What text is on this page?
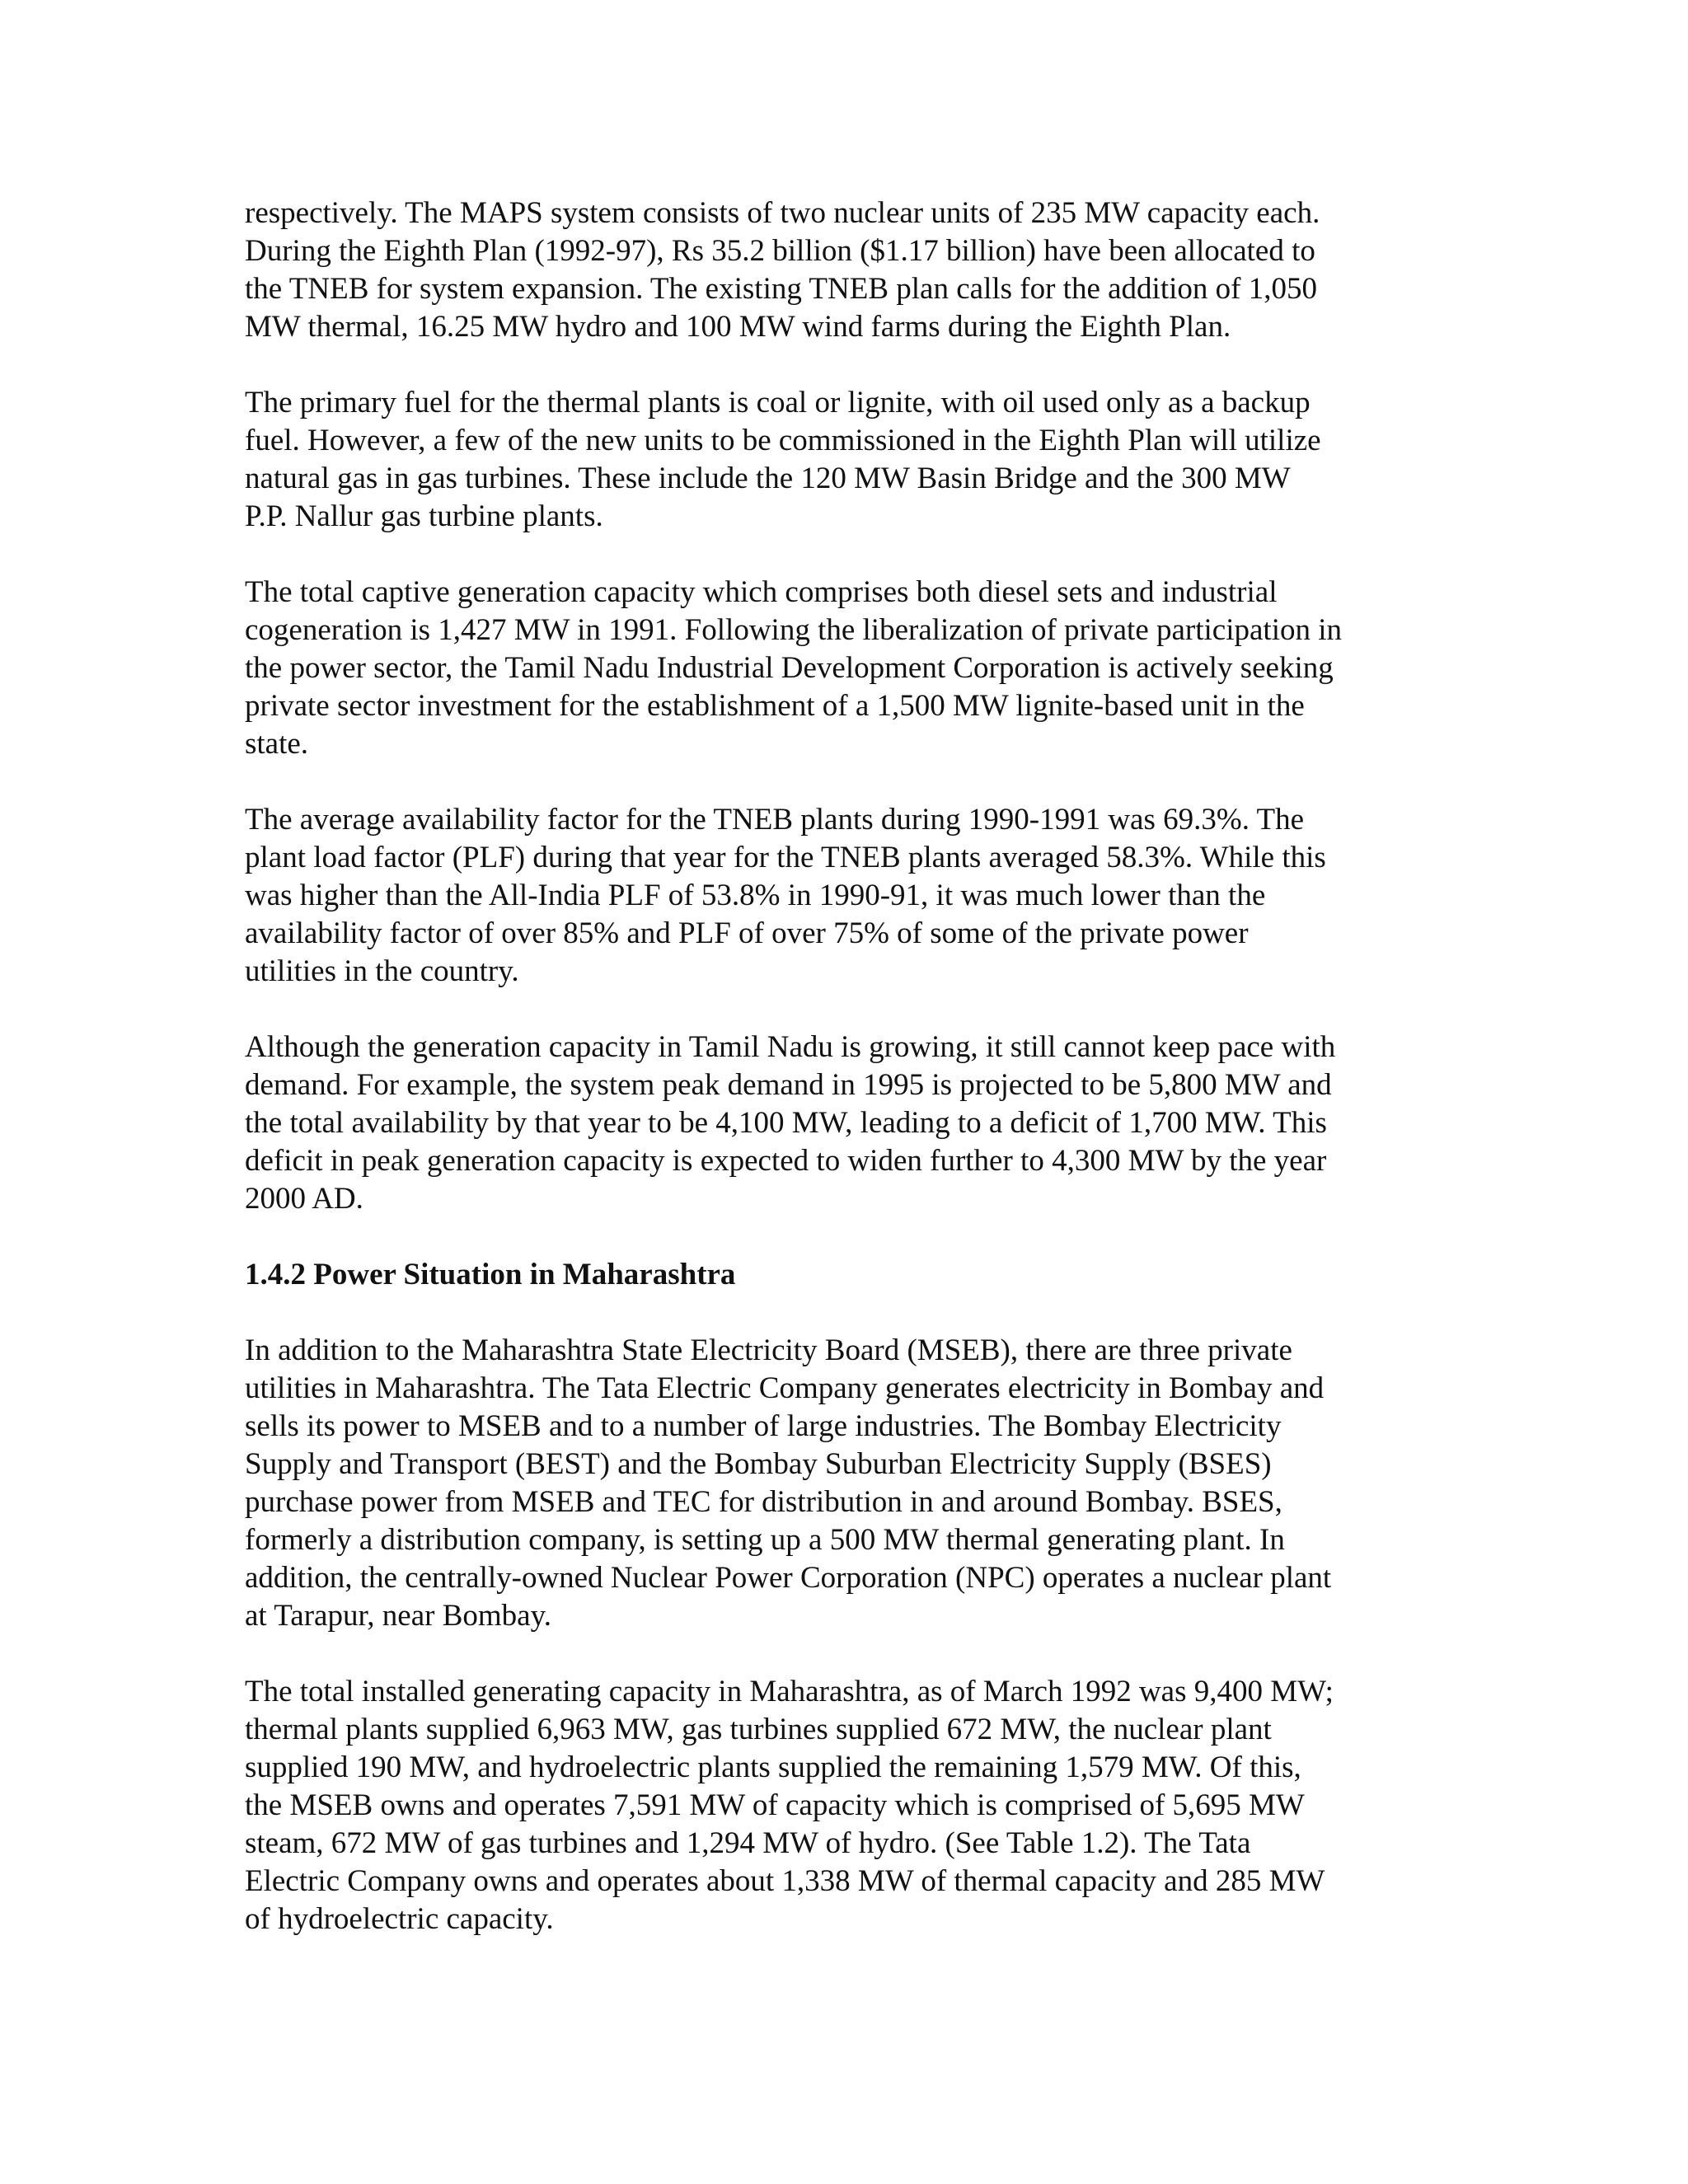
respectively. The MAPS system consists of two nuclear units of 235 MW capacity each.
During the Eighth Plan (1992-97), Rs 35.2 billion ($1.17 billion) have been allocated to
the TNEB for system expansion. The existing TNEB plan calls for the addition of 1,050
MW thermal, 16.25 MW hydro and 100 MW wind farms during the Eighth Plan.

The primary fuel for the thermal plants is coal or lignite, with oil used only as a backup
fuel. However, a few of the new units to be commissioned in the Eighth Plan will utilize
natural gas in gas turbines. These include the 120 MW Basin Bridge and the 300 MW
P.P. Nallur gas turbine plants.

The total captive generation capacity which comprises both diesel sets and industrial
cogeneration is 1,427 MW in 1991. Following the liberalization of private participation in
the power sector, the Tamil Nadu Industrial Development Corporation is actively seeking
private sector investment for the establishment of a 1,500 MW lignite-based unit in the
state.

The average availability factor for the TNEB plants during 1990-1991 was 69.3%. The
plant load factor (PLF) during that year for the TNEB plants averaged 58.3%. While this
was higher than the All-India PLF of 53.8% in 1990-91, it was much lower than the
availability factor of over 85% and PLF of over 75% of some of the private power
utilities in the country.

Although the generation capacity in Tamil Nadu is growing, it still cannot keep pace with
demand. For example, the system peak demand in 1995 is projected to be 5,800 MW and
the total availability by that year to be 4,100 MW, leading to a deficit of 1,700 MW. This
deficit in peak generation capacity is expected to widen further to 4,300 MW by the year
2000 AD.

1.4.2 Power Situation in Maharashtra

In addition to the Maharashtra State Electricity Board (MSEB), there are three private
utilities in Maharashtra. The Tata Electric Company generates electricity in Bombay and
sells its power to MSEB and to a number of large industries. The Bombay Electricity
Supply and Transport (BEST) and the Bombay Suburban Electricity Supply (BSES)
purchase power from MSEB and TEC for distribution in and around Bombay. BSES,
formerly a distribution company, is setting up a 500 MW thermal generating plant. In
addition, the centrally-owned Nuclear Power Corporation (NPC) operates a nuclear plant
at Tarapur, near Bombay.

The total installed generating capacity in Maharashtra, as of March 1992 was 9,400 MW;
thermal plants supplied 6,963 MW, gas turbines supplied 672 MW, the nuclear plant
supplied 190 MW, and hydroelectric plants supplied the remaining 1,579 MW. Of this,
the MSEB owns and operates 7,591 MW of capacity which is comprised of 5,695 MW
steam, 672 MW of gas turbines and 1,294 MW of hydro. (See Table 1.2). The Tata
Electric Company owns and operates about 1,338 MW of thermal capacity and 285 MW
of hydroelectric capacity.
